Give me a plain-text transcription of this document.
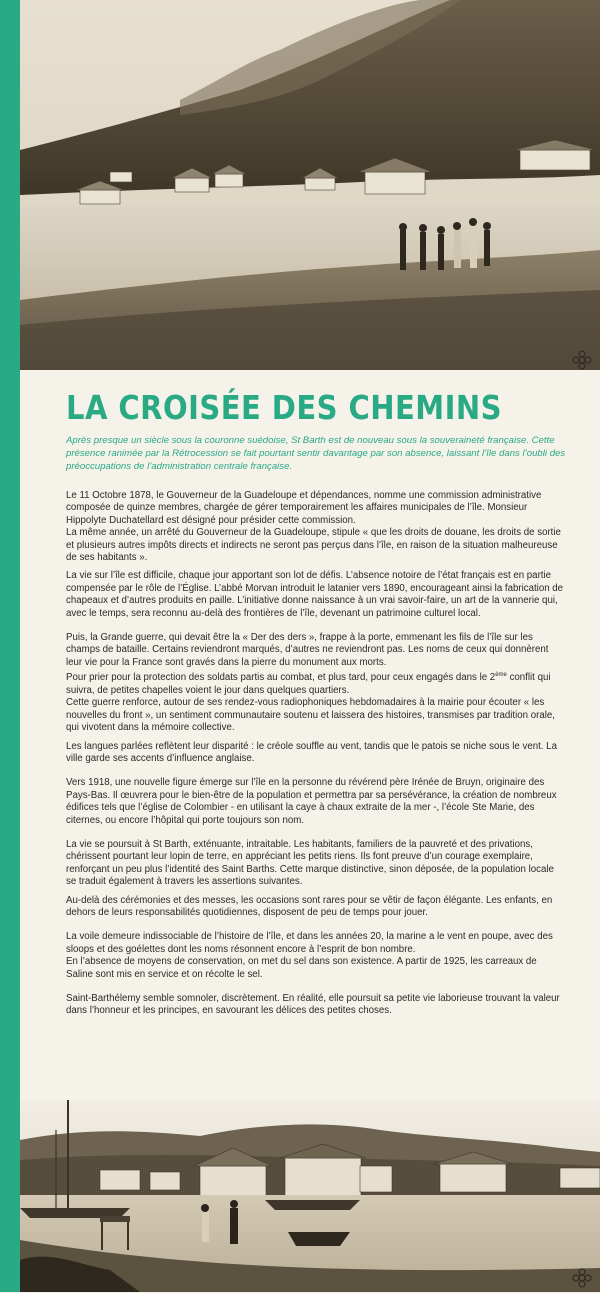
LA CROISÉE DES CHEMINS

Après presque un siècle sous la couronne suédoise, St Barth est de nouveau sous la souveraineté française. Cette présence ranimée par la Rétrocession se fait pourtant sentir davantage par son absence, laissant l’île dans l’oubli des préoccupations de l’administration centrale française.

Le 11 Octobre 1878, le Gouverneur de la Guadeloupe et dépendances, nomme une commission administrative composée de quinze membres, chargée de gérer temporairement les affaires municipales de l’île. Monsieur Hippolyte Duchatellard est désigné pour présider cette commission.
La même année, un arrêté du Gouverneur de la Guadeloupe, stipule « que les droits de douane, les droits de sortie et plusieurs autres impôts directs et indirects ne seront pas perçus dans l’île, en raison de la situation malheureuse de ses habitants ».

La vie sur l’île est difficile, chaque jour apportant son lot de défis. L’absence notoire de l’état français est en partie compensée par le rôle de l’Église. L’abbé Morvan introduit le latanier vers 1890, encourageant ainsi la fabrication de chapeaux et d’autres produits en paille. L’initiative donne naissance à un vrai savoir-faire, un art de la vannerie qui, avec le temps, sera reconnu au-delà des frontières de l’île, devenant un patrimoine culturel local.

Puis, la Grande guerre, qui devait être la « Der des ders », frappe à la porte, emmenant les fils de l’île sur les champs de bataille. Certains reviendront marqués, d’autres ne reviendront pas. Les noms de ceux qui donnèrent leur vie pour la France sont gravés dans la pierre du monument aux morts.
Pour prier pour la protection des soldats partis au combat, et plus tard, pour ceux engagés dans le 2ème conflit qui suivra, de petites chapelles voient le jour dans quelques quartiers.
Cette guerre renforce, autour de ses rendez-vous radiophoniques hebdomadaires à la mairie pour écouter « les nouvelles du front », un sentiment communautaire soutenu et laissera des histoires, transmises par tradition orale, qui vivotent dans la mémoire collective.

Les langues parlées reflètent leur disparité : le créole souffle au vent, tandis que le patois se niche sous le vent. La ville garde ses accents d’influence anglaise.

Vers 1918, une nouvelle figure émerge sur l’île en la personne du révérend père Irénée de Bruyn, originaire des Pays-Bas. Il œuvrera pour le bien-être de la population et permettra par sa persévérance, la création de nombreux édifices tels que l’église de Colombier - en utilisant la caye à chaux extraite de la mer -, l’école Ste Marie, des citernes, ou encore l’hôpital qui porte toujours son nom.

La vie se poursuit à St Barth, exténuante, intraitable. Les habitants, familiers de la pauvreté et des privations, chérissent pourtant leur lopin de terre, en appréciant les petits riens. Ils font preuve d’un courage exemplaire, renforçant un peu plus l’identité des Saint Barths. Cette marque distinctive, sinon déposée, de la population locale se traduit également à travers les assertions suivantes.

Au-delà des cérémonies et des messes, les occasions sont rares pour se vêtir de façon élégante. Les enfants, en dehors de leurs responsabilités quotidiennes, disposent de peu de temps pour jouer.

La voile demeure indissociable de l’histoire de l’île, et dans les années 20, la marine a le vent en poupe, avec des sloops et des goélettes dont les noms résonnent encore à l’esprit de bon nombre.
En l’absence de moyens de conservation, on met du sel dans son existence. A partir de 1925, les carreaux de Saline sont mis en service et on récolte le sel.

Saint-Barthélemy semble somnoler, discrètement. En réalité, elle poursuit sa petite vie laborieuse trouvant la valeur dans l’honneur et les principes, en savourant les délices des petites choses.
